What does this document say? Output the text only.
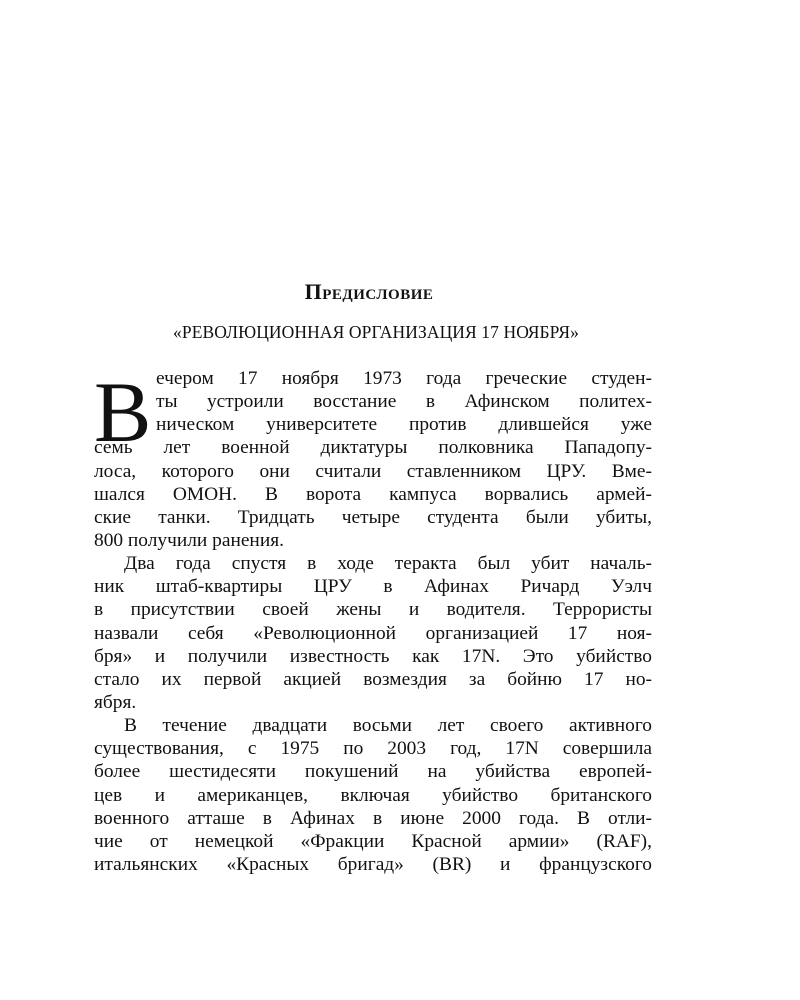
Предисловие

«РЕВОЛЮЦИОННАЯ ОРГАНИЗАЦИЯ 17 НОЯБРЯ»

В ечером 17 ноября 1973 года греческие студен-
ты устроили восстание в Афинском политех-
ническом университете против длившейся уже
семь лет военной диктатуры полковника Пападопу-
лоса, которого они считали ставленником ЦРУ. Вме-
шался ОМОН. В ворота кампуса ворвались армей-
ские танки. Тридцать четыре студента были убиты,
800 получили ранения.
Два года спустя в ходе теракта был убит началь-
ник штаб-квартиры ЦРУ в Афинах Ричард Уэлч
в присутствии своей жены и водителя. Террористы
назвали себя «Революционной организацией 17 ноя-
бря» и получили известность как 17N. Это убийство
стало их первой акцией возмездия за бойню 17 но-
ября.
В течение двадцати восьми лет своего активного
существования, с 1975 по 2003 год, 17N совершила
более шестидесяти покушений на убийства европей-
цев и американцев, включая убийство британского
военного атташе в Афинах в июне 2000 года. В отли-
чие от немецкой «Фракции Красной армии» (RAF),
итальянских «Красных бригад» (BR) и французского
